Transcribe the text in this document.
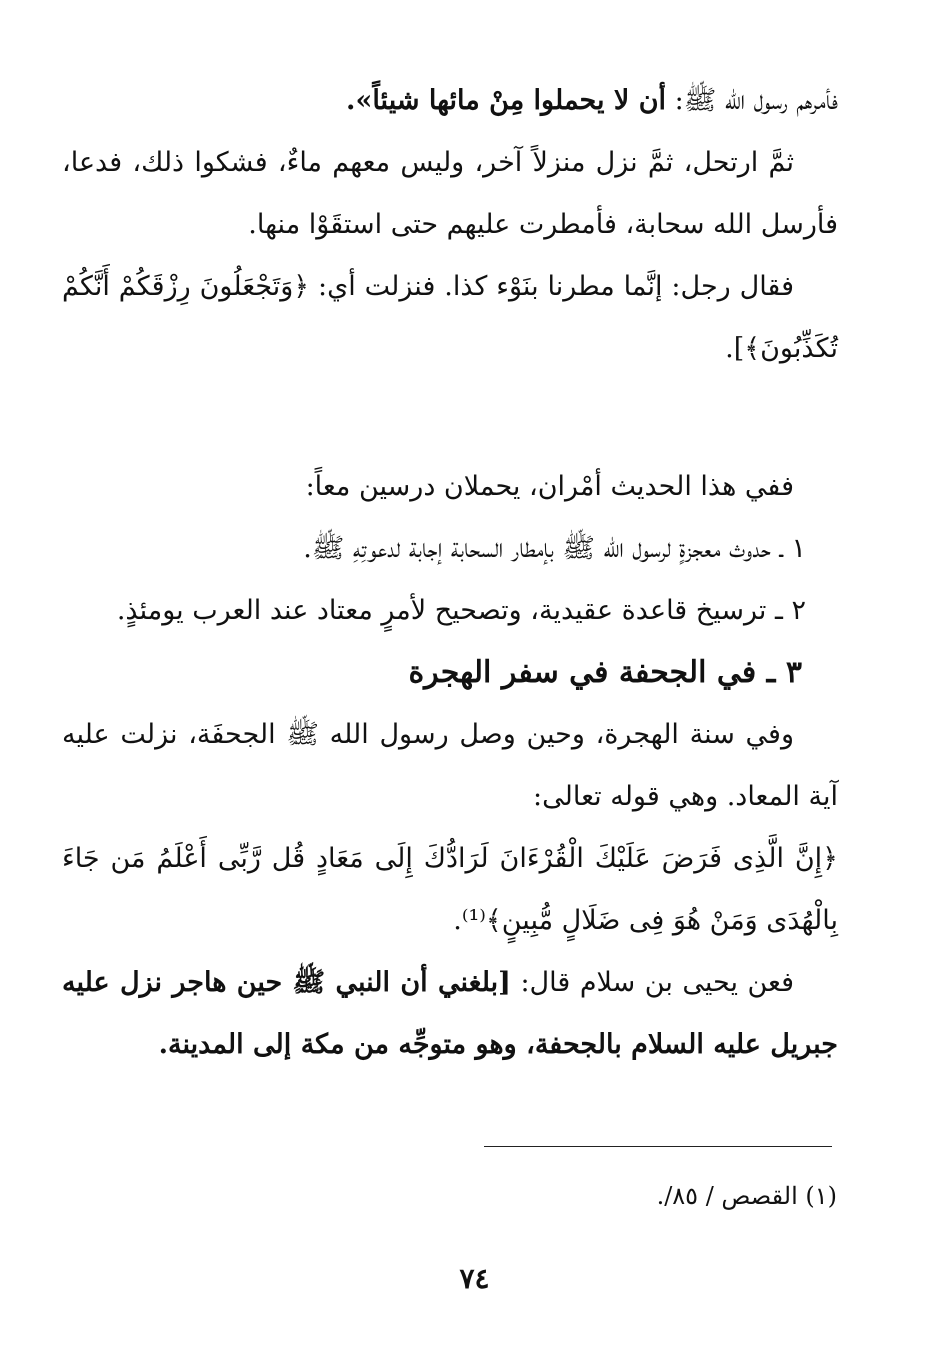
فأمرهم رسول الله ﷺ: أن لا يحملوا مِنْ مائها شيئاً».

ثمَّ ارتحل، ثمَّ نزل منزلاً آخر، وليس معهم ماءٌ، فشكوا ذلك، فدعا، فأرسل الله سحابة، فأمطرت عليهم حتى استقَوْا منها.

فقال رجل: إنَّما مطرنا بنَوْء كذا. فنزلت أي: ﴿وَتَجْعَلُونَ رِزْقَكُمْ أَنَّكُمْ تُكَذِّبُونَ﴾].

ففي هذا الحديث أمْران، يحملان درسين معاً:

١ ـ حدوث معجزةٍ لرسول الله ﷺ بإمطار السحابة إجابة لدعوتِهِ ﷺ.

٢ ـ ترسيخ قاعدة عقيدية، وتصحيح لأمرٍ معتاد عند العرب يومئذٍ.

٣ ـ في الجحفة في سفر الهجرة

وفي سنة الهجرة، وحين وصل رسول الله ﷺ الجحفَة، نزلت عليه آية المعاد. وهي قوله تعالى:

﴿إِنَّ الَّذِى فَرَضَ عَلَيْكَ الْقُرْءَانَ لَرَادُّكَ إِلَى مَعَادٍ قُل رَّبِّى أَعْلَمُ مَن جَاءَ بِالْهُدَى وَمَنْ هُوَ فِى ضَلَالٍ مُّبِينٍ﴾⁽¹⁾.

فعن يحيى بن سلام قال: [بلغني أن النبي ﷺ حين هاجر نزل عليه جبريل عليه السلام بالجحفة، وهو متوجِّه من مكة إلى المدينة.

(١) القصص / ٨٥/.
٧٤
